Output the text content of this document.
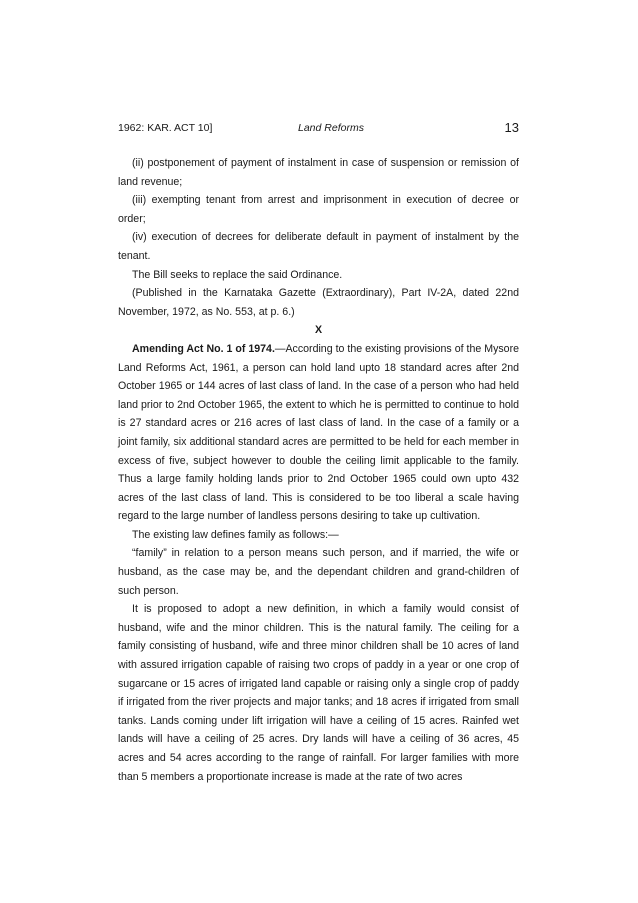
1962: KAR. ACT 10]	Land Reforms	13

(ii) postponement of payment of instalment in case of suspension or remission of land revenue;

(iii) exempting tenant from arrest and imprisonment in execution of decree or order;

(iv) execution of decrees for deliberate default in payment of instalment by the tenant.

The Bill seeks to replace the said Ordinance.

(Published in the Karnataka Gazette (Extraordinary), Part IV-2A, dated 22nd November, 1972, as No. 553, at p. 6.)

X

Amending Act No. 1 of 1974.—According to the existing provisions of the Mysore Land Reforms Act, 1961, a person can hold land upto 18 standard acres after 2nd October 1965 or 144 acres of last class of land. In the case of a person who had held land prior to 2nd October 1965, the extent to which he is permitted to continue to hold is 27 standard acres or 216 acres of last class of land. In the case of a family or a joint family, six additional standard acres are permitted to be held for each member in excess of five, subject however to double the ceiling limit applicable to the family. Thus a large family holding lands prior to 2nd October 1965 could own upto 432 acres of the last class of land. This is considered to be too liberal a scale having regard to the large number of landless persons desiring to take up cultivation.

The existing law defines family as follows:—

“family” in relation to a person means such person, and if married, the wife or husband, as the case may be, and the dependant children and grand-children of such person.

It is proposed to adopt a new definition, in which a family would consist of husband, wife and the minor children. This is the natural family. The ceiling for a family consisting of husband, wife and three minor children shall be 10 acres of land with assured irrigation capable of raising two crops of paddy in a year or one crop of sugarcane or 15 acres of irrigated land capable or raising only a single crop of paddy if irrigated from the river projects and major tanks; and 18 acres if irrigated from small tanks. Lands coming under lift irrigation will have a ceiling of 15 acres. Rainfed wet lands will have a ceiling of 25 acres. Dry lands will have a ceiling of 36 acres, 45 acres and 54 acres according to the range of rainfall. For larger families with more than 5 members a proportionate increase is made at the rate of two acres
